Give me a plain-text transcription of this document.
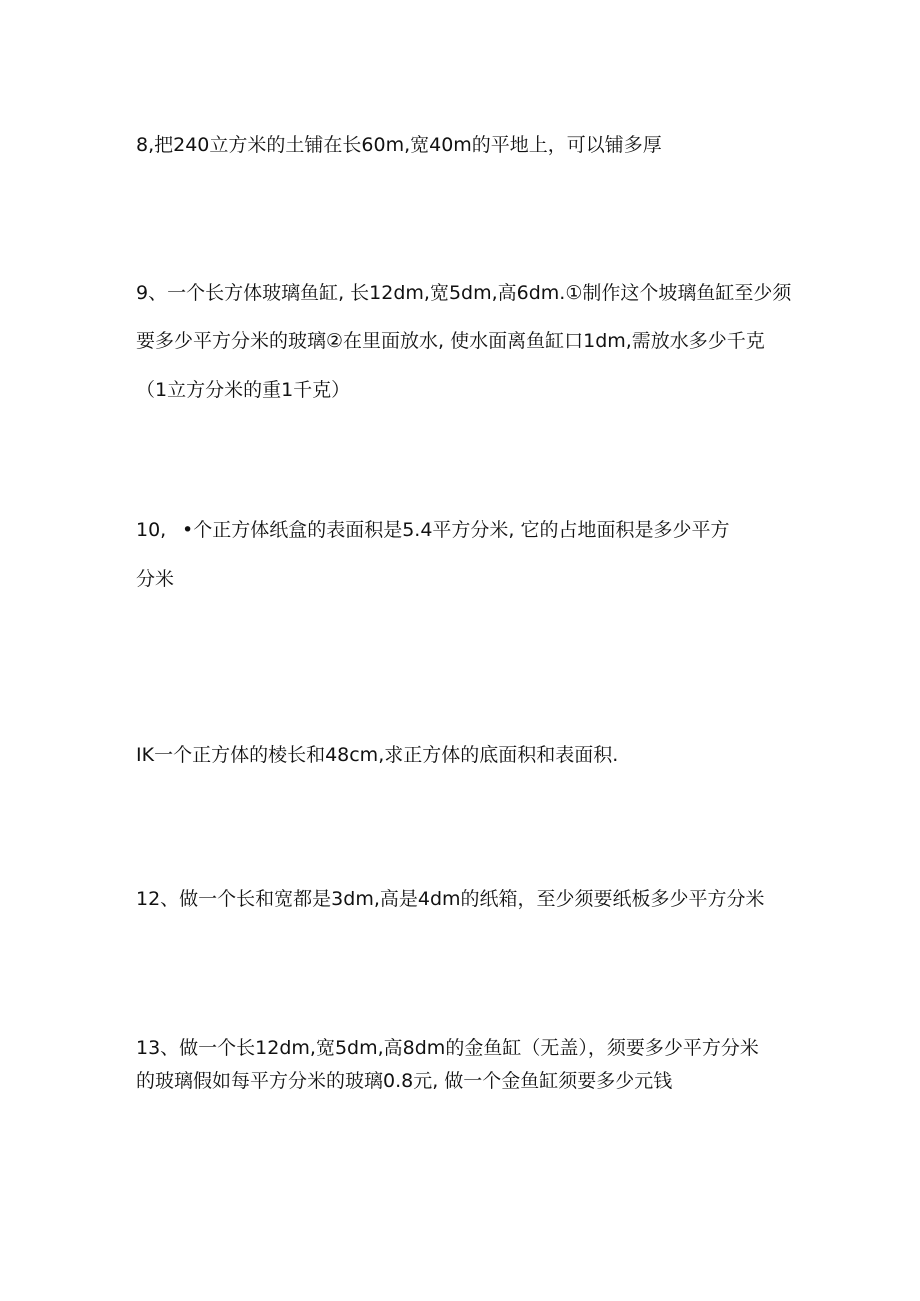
8,把240立方米的土铺在长60m,宽40m的平地上，可以铺多厚
9、一个长方体玻璃鱼缸, 长12dm,宽5dm,高6dm.①制作这个坡璃鱼缸至少须
要多少平方分米的玻璃②在里面放水, 使水面离鱼缸口1dm,需放水多少千克
（1立方分米的重1千克）
10, •个正方体纸盒的表面积是5.4平方分米, 它的占地面积是多少平方
分米
IK一个正方体的棱长和48cm,求正方体的底面积和表面积.
12、做一个长和宽都是3dm,高是4dm的纸箱，至少须要纸板多少平方分米
13、做一个长12dm,宽5dm,高8dm的金鱼缸（无盖），须要多少平方分米
的玻璃假如每平方分米的玻璃0.8元, 做一个金鱼缸须要多少元钱
